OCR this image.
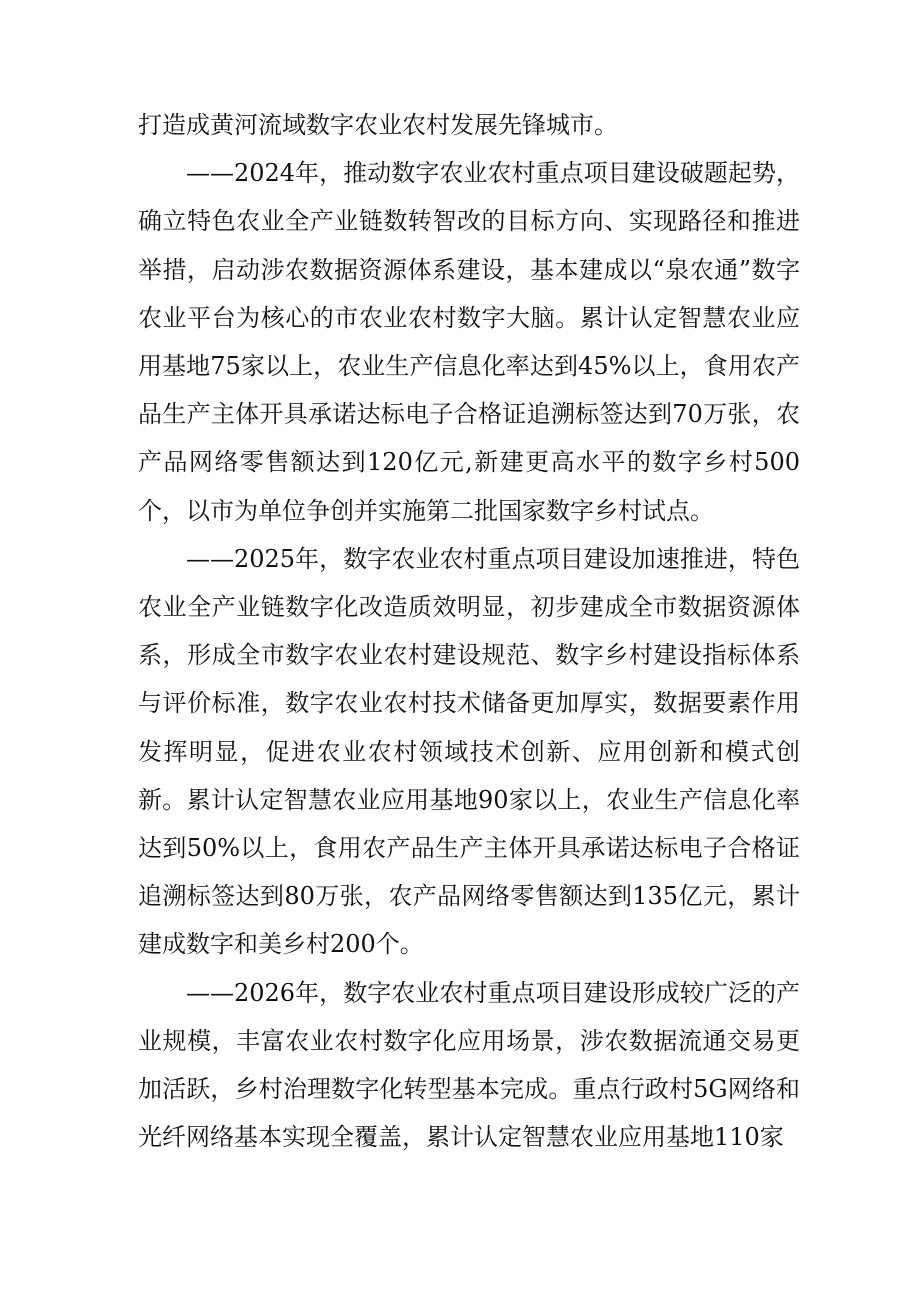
打造成黄河流域数字农业农村发展先锋城市。

——2024年，推动数字农业农村重点项目建设破题起势，确立特色农业全产业链数转智改的目标方向、实现路径和推进举措，启动涉农数据资源体系建设，基本建成以“泉农通”数字农业平台为核心的市农业农村数字大脑。累计认定智慧农业应用基地75家以上，农业生产信息化率达到45%以上，食用农产品生产主体开具承诺达标电子合格证追溯标签达到70万张，农产品网络零售额达到120亿元,新建更高水平的数字乡村500个，以市为单位争创并实施第二批国家数字乡村试点。

——2025年，数字农业农村重点项目建设加速推进，特色农业全产业链数字化改造质效明显，初步建成全市数据资源体系，形成全市数字农业农村建设规范、数字乡村建设指标体系与评价标准，数字农业农村技术储备更加厚实，数据要素作用发挥明显，促进农业农村领域技术创新、应用创新和模式创新。累计认定智慧农业应用基地90家以上，农业生产信息化率达到50%以上，食用农产品生产主体开具承诺达标电子合格证追溯标签达到80万张，农产品网络零售额达到135亿元，累计建成数字和美乡村200个。

——2026年，数字农业农村重点项目建设形成较广泛的产业规模，丰富农业农村数字化应用场景，涉农数据流通交易更加活跃，乡村治理数字化转型基本完成。重点行政村5G网络和光纤网络基本实现全覆盖，累计认定智慧农业应用基地110家
